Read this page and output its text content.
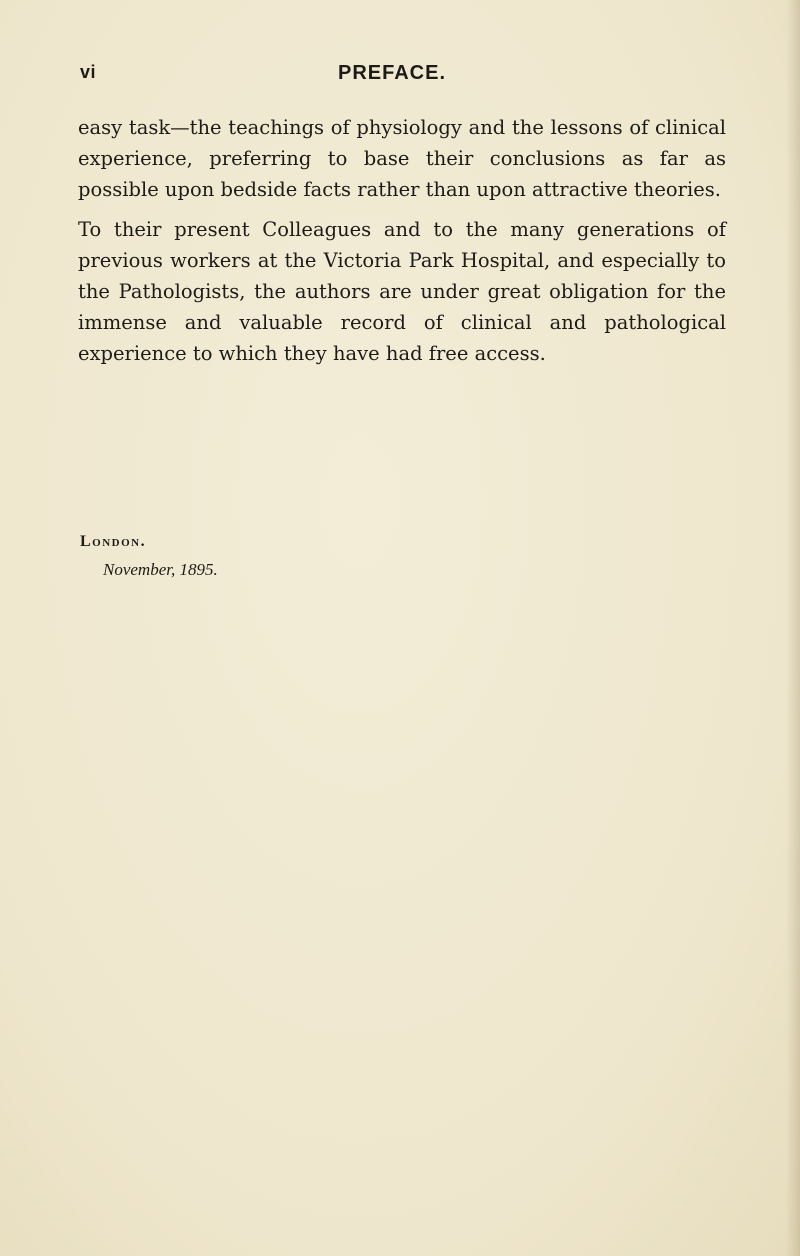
vi	PREFACE.

easy task—the teachings of physiology and the lessons of clinical experience, preferring to base their conclusions as far as possible upon bedside facts rather than upon attractive theories.

To their present Colleagues and to the many generations of previous workers at the Victoria Park Hospital, and especially to the Pathologists, the authors are under great obligation for the immense and valuable record of clinical and pathological experience to which they have had free access.

London.
November, 1895.
